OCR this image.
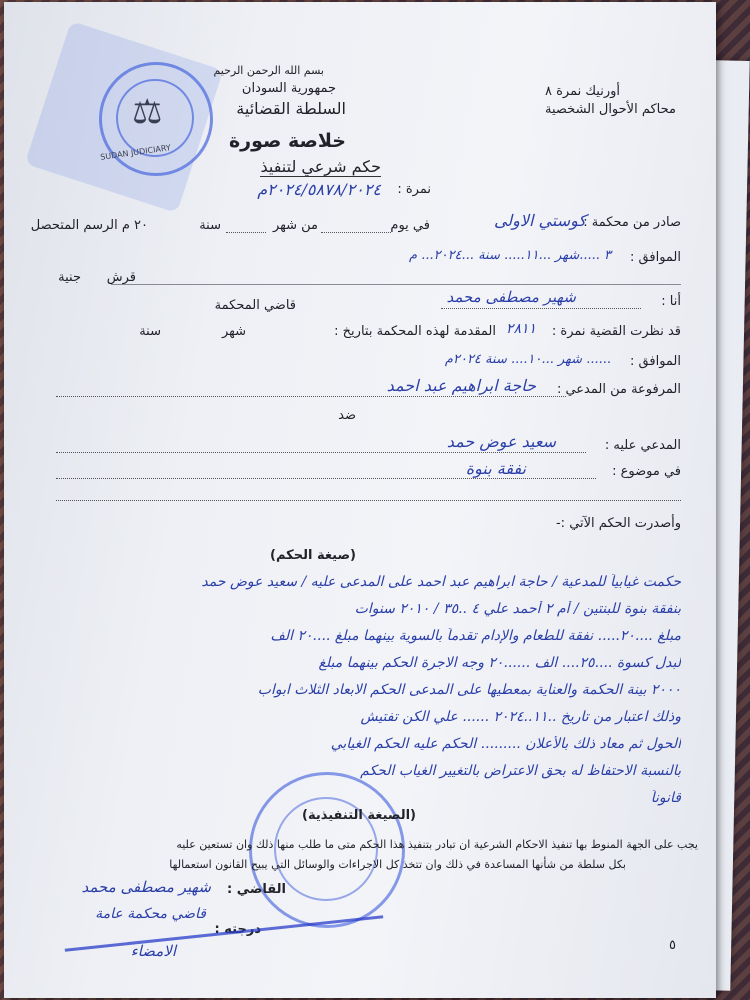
⚖
SUDAN JUDICIARY
بسم الله الرحمن الرحيم
جمهورية السودان
السلطة القضائية
أورنيك نمرة ٨
محاكم الأحوال الشخصية
خلاصة صورة
حكم شرعي لتنفيذ
نمرة :
٢٠٢٤/٥٨٧٨/٢٠٢٤م
صادر من محكمة :
كوستي الاولى
في يوم
من شهر
سنة
٢٠ م الرسم المتحصل
الموافق :
٣ .....شهر ...١١..... سنة ...٢٠٢٤... م
قرش
جنية
أنا :
شهير مصطفى محمد
قاضي المحكمة
قد نظرت القضية نمرة :
٢٨١١
المقدمة لهذه المحكمة بتاريخ :
شهر
سنة
الموافق :
...... شهر ...١٠.... سنة ٢٠٢٤م
المرفوعة من المدعي :
حاجة ابراهيم عبد احمد
ضد
المدعي عليه :
سعيد عوض حمد
في موضوع :
نفقة بنوة
وأصدرت الحكم الآتي :-
(صيغة الحكم)
حكمت غيابياً للمدعية / حاجة ابراهيم عبد احمد على المدعى عليه / سعيد عوض حمد
بنفقة بنوة للبنتين / أم ٢ أحمد علي ٤ ..٣٥ / ٢٠١٠ سنوات
مبلغ ....٢٠..... نفقة للطعام والإدام تقدماً بالسوية بينهما مبلغ ....٢٠ الف
لبدل كسوة ....٢٥.... الف ......٢٠ وجه الاجرة الحكم بينهما مبلغ
٢٠٠٠ بينة الحكمة والعناية بمعطيها على المدعى الحكم الابعاد الثلاث ابواب
وذلك اعتبار من تاريخ ..١١..٢٠٢٤ ...... علي الكن تفتيش
الحول ثم معاد ذلك بالأعلان ......... الحكم عليه الحكم الغيابي
بالنسبة الاحتفاظ له بحق الاعتراض بالتغيير الغياب الحكم
قانوناً
(الصيغة التنفيذية)
يجب على الجهة المنوط بها تنفيذ الاحكام الشرعية ان تبادر بتنفيذ هذا الحكم متى ما طلب منها ذلك وان تستعين عليه
بكل سلطة من شأنها المساعدة في ذلك وان تتخذ كل الاجراءات والوسائل التي يبيح القانون استعمالها
القاضي :
شهير مصطفى محمد
درجته :
قاضي محكمة عامة
الامضاء	٥
